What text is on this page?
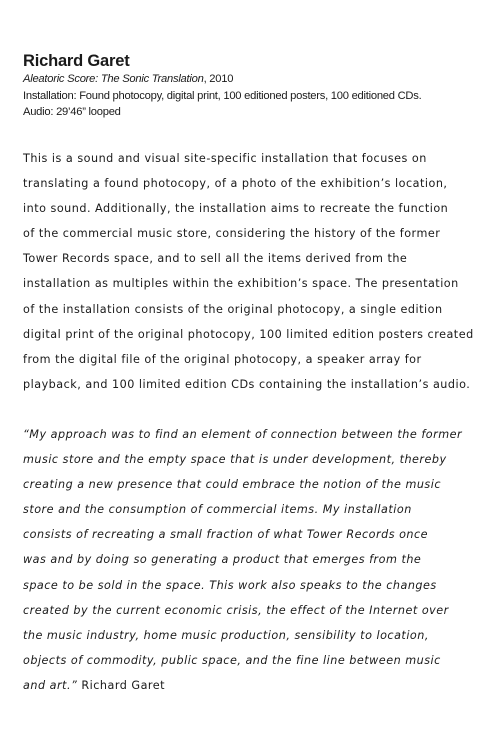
Richard Garet

Aleatoric Score: The Sonic Translation, 2010

Installation: Found photocopy, digital print, 100 editioned posters, 100 editioned CDs.

Audio: 29’46” looped

This is a sound and visual site-specific installation that focuses on
translating a found photocopy, of a photo of the exhibition’s location,
into sound. Additionally, the installation aims to recreate the function
of the commercial music store, considering the history of the former
Tower Records space, and to sell all the items derived from the
installation as multiples within the exhibition’s space. The presentation
of the installation consists of the original photocopy, a single edition
digital print of the original photocopy, 100 limited edition posters created
from the digital file of the original photocopy, a speaker array for
playback, and 100 limited edition CDs containing the installation’s audio.
“My approach was to find an element of connection between the former
music store and the empty space that is under development, thereby
creating a new presence that could embrace the notion of the music
store and the consumption of commercial items. My installation
consists of recreating a small fraction of what Tower Records once
was and by doing so generating a product that emerges from the
space to be sold in the space. This work also speaks to the changes
created by the current economic crisis, the effect of the Internet over
the music industry, home music production, sensibility to location,
objects of commodity, public space, and the fine line between music
and art.” Richard Garet
